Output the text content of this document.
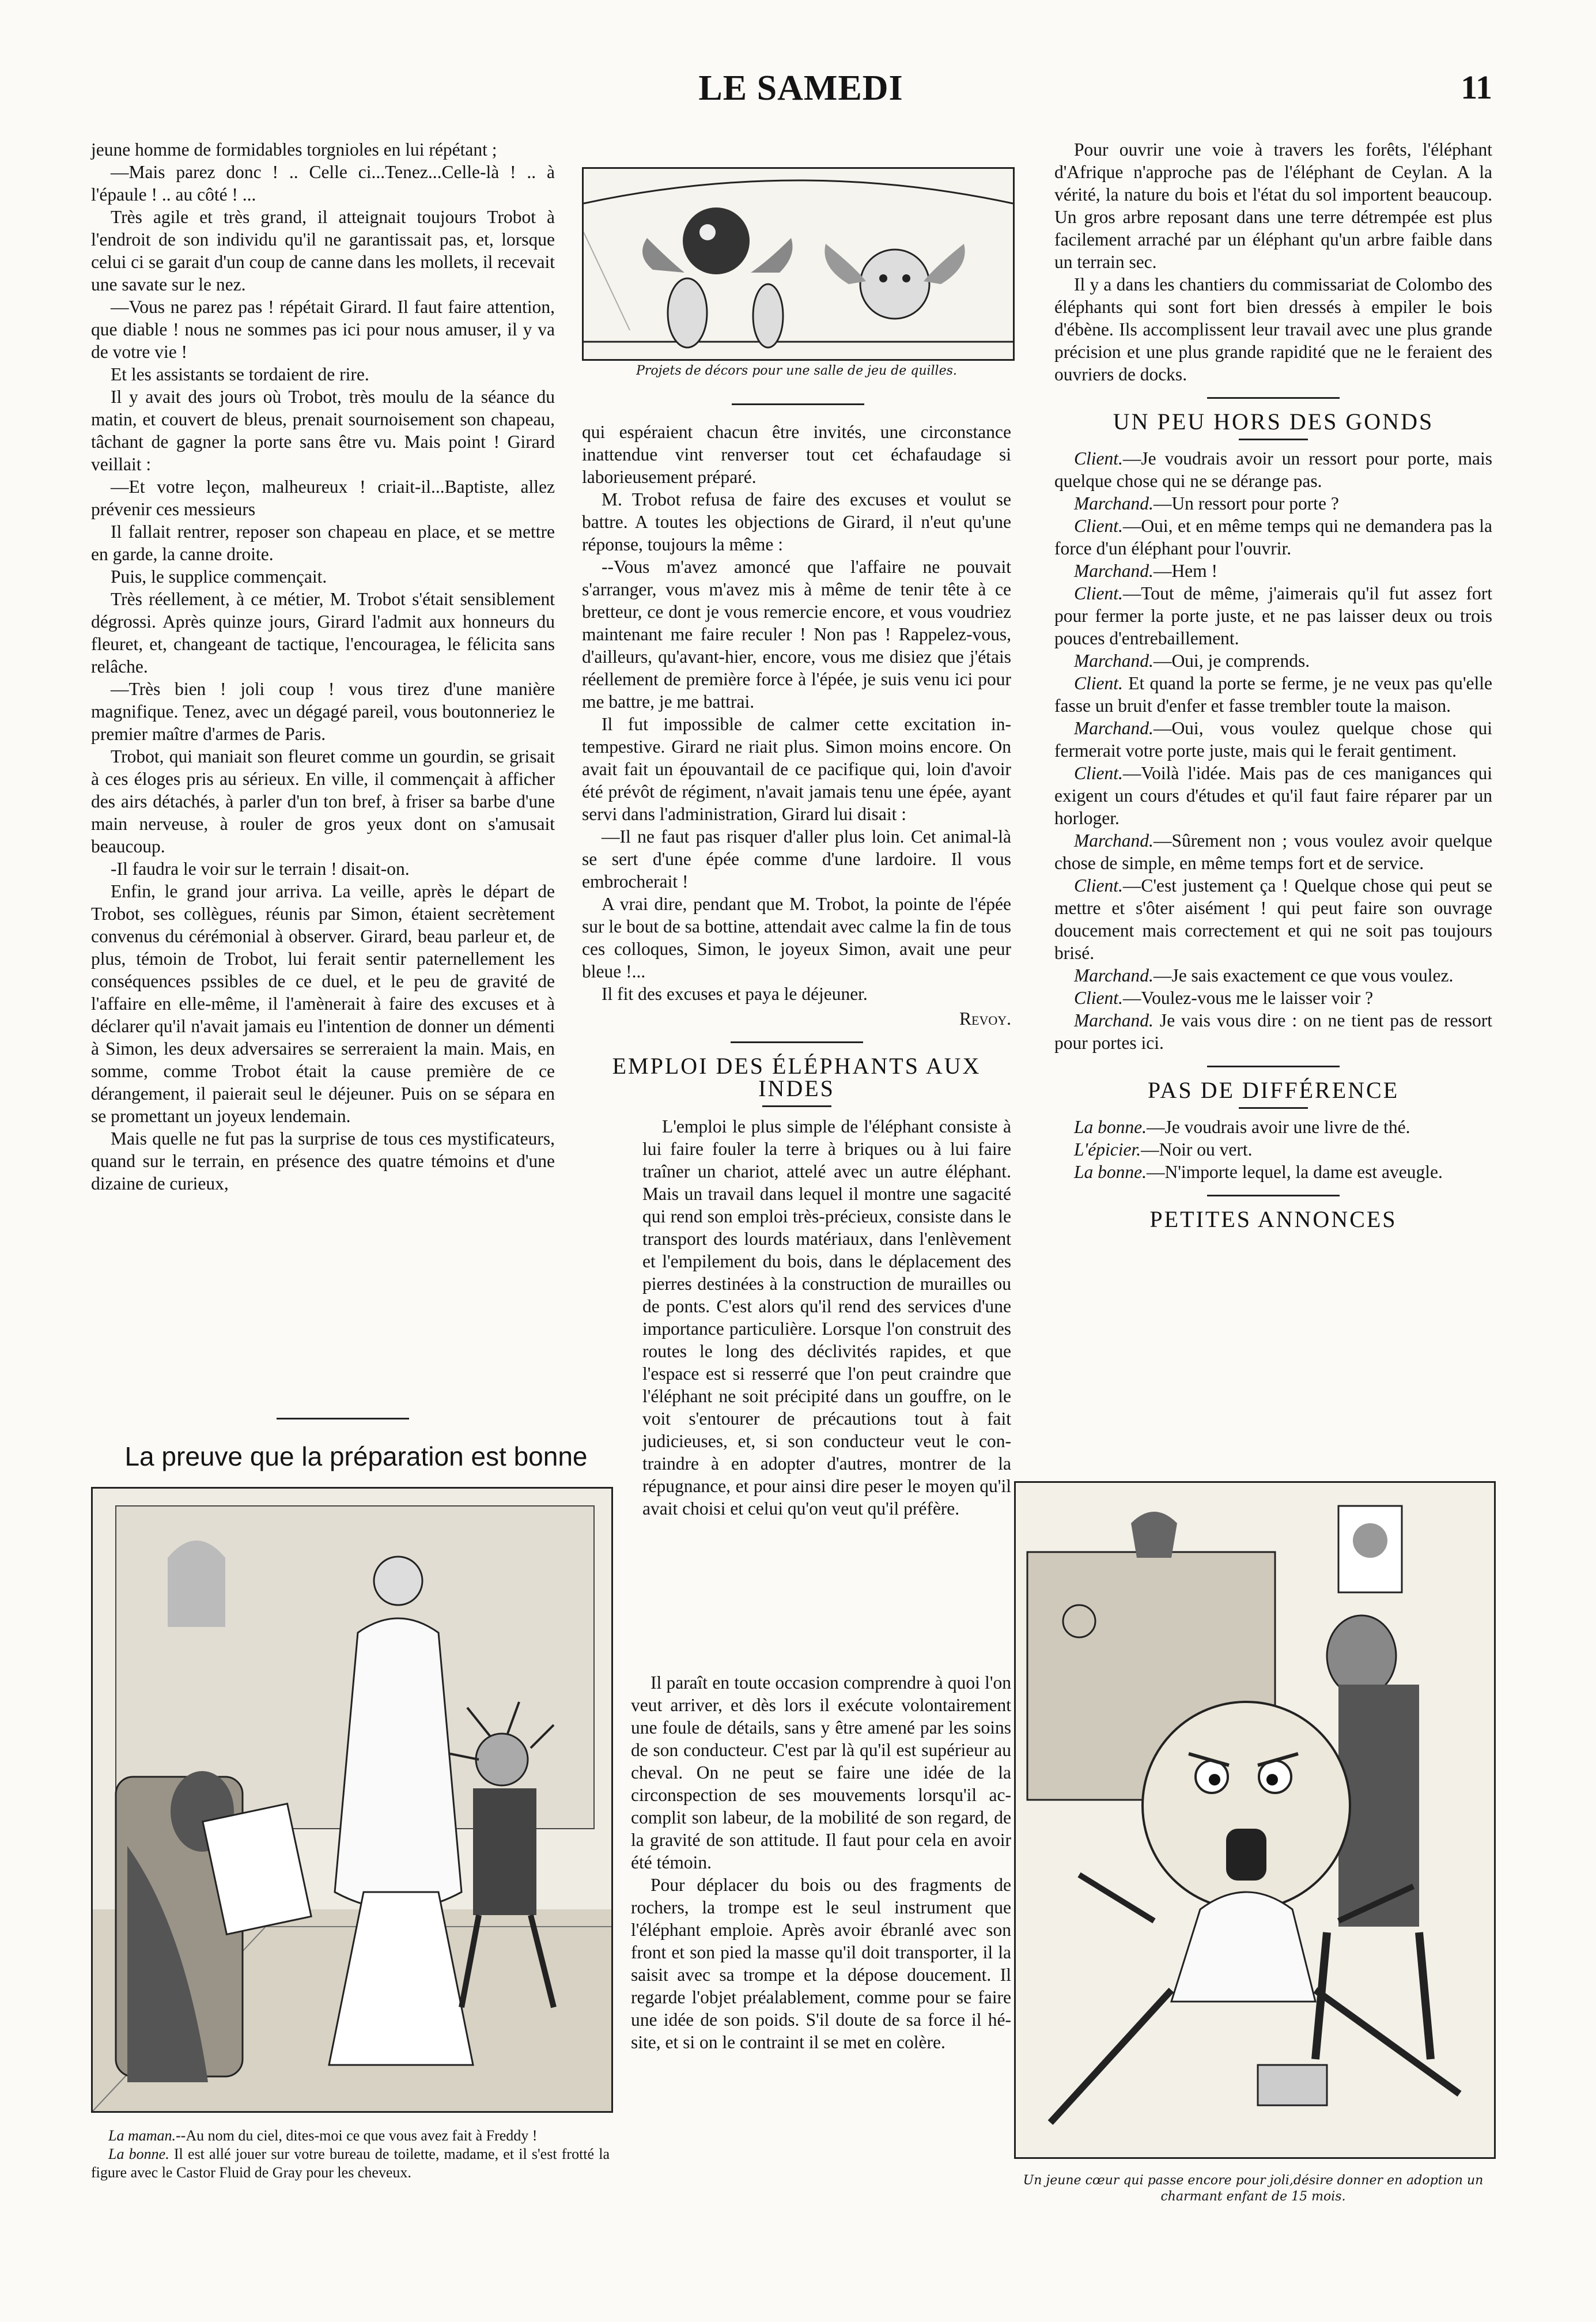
LE SAMEDI	11

jeune homme de formidables torgnioles en lui répétant ;

—Mais parez donc ! .. Celle ci...Tenez...Celle-là ! .. à l'épaule ! .. au côté ! ...

Très agile et très grand, il atteignait toujours Trobot à l'endroit de son individu qu'il ne garantissait pas, et, lorsque celui ci se garait d'un coup de canne dans les mollets, il recevait une savate sur le nez.

—Vous ne parez pas ! répétait Girard. Il faut faire attention, que diable ! nous ne sommes pas ici pour nous amuser, il y va de votre vie !

Et les assistants se tordaient de rire.

Il y avait des jours où Trobot, très moulu de la séance du matin, et couvert de bleus, prenait sournoisement son chapeau, tâchant de gagner la porte sans être vu. Mais point ! Girard veillait :

—Et votre leçon, malheureux ! criait-il...Baptiste, allez prévenir ces messieurs

Il fallait rentrer, reposer son chapeau en place, et se mettre en garde, la canne droite.

Puis, le supplice commençait.

Très réellement, à ce métier, M. Trobot s'était sensiblement dégrossi. Après quinze jours, Girard l'admit aux honneurs du fleuret, et, changeant de tactique, l'encouragea, le félicita sans relâche.

—Très bien ! joli coup ! vous tirez d'une manière magnifique. Tenez, avec un dégagé pareil, vous boutonneriez le premier maître d'armes de Paris.

Trobot, qui maniait son fleuret comme un gourdin, se grisait à ces éloges pris au sérieux. En ville, il commençait à afficher des airs détachés, à parler d'un ton bref, à friser sa barbe d'une main nerveuse, à rouler de gros yeux dont on s'amusait beaucoup.

-Il faudra le voir sur le terrain ! disait-on.

Enfin, le grand jour arriva. La veille, après le départ de Trobot, ses collègues, réunis par Simon, étaient secrètement convenus du cérémonial à observer. Girard, beau parleur et, de plus, témoin de Trobot, lui ferait sentir paternellement les conséquences pssibles de ce duel, et le peu de gravité de l'affaire en elle-même, il l'amènerait à faire des excuses et à déclarer qu'il n'avait jamais eu l'intention de donner un démenti à Simon, les deux adversaires se serreraient la main. Mais, en somme, comme Trobot était la cause première de ce dérangement, il paierait seul le déjeuner. Puis on se sépara en se promettant un joyeux lendemain.

Mais quelle ne fut pas la surprise de tous ces mystificateurs, quand sur le terrain, en présence des quatre témoins et d'une dizaine de curieux,

Projets de décors pour une salle de jeu de quilles.

qui espéraient chacun être invités, une circonstance inattendue vint renverser tout cet échafaudage si laborieusement préparé.

M. Trobot refusa de faire des excuses et voulut se battre. A toutes les objections de Girard, il n'eut qu'une réponse, toujours la même :

--Vous m'avez amoncé que l'affaire ne pouvait s'arranger, vous m'avez mis à même de tenir tête à ce bretteur, ce dont je vous remercie encore, et vous voudriez maintenant me faire reculer ! Non pas ! Rappelez-vous, d'ailleurs, qu'avant-hier, encore, vous me disiez que j'étais réellement de première force à l'épée, je suis venu ici pour me battre, je me battrai.

Il fut impossible de calmer cette excitation intempestive. Girard ne riait plus. Simon moins encore. On avait fait un épouvantail de ce pacifique qui, loin d'avoir été prévôt de régiment, n'avait jamais tenu une épée, ayant servi dans l'administration, Girard lui disait :

—Il ne faut pas risquer d'aller plus loin. Cet animal-là se sert d'une épée comme d'une lardoire. Il vous embrocherait !

A vrai dire, pendant que M. Trobot, la pointe de l'épée sur le bout de sa bottine, attendait avec calme la fin de tous ces colloques, Simon, le joyeux Simon, avait une peur bleue !...

Il fit des excuses et paya le déjeuner.

Revoy.
EMPLOI DES ÉLÉPHANTS AUX INDES

L'emploi le plus simple de l'éléphant consiste à lui faire fouler la terre à briques ou à lui faire traîner un chariot, attelé avec un autre éléphant. Mais un travail dans lequel il montre une sagacité qui rend son emploi très-précieux, consiste dans le transport des lourds matériaux, dans l'enlèvement et l'empilement du bois, dans le déplacement des pierres destinées à la construction de murailles ou de ponts. C'est alors qu'il rend des services d'une importance particulière. Lorsque l'on construit des routes le long des déclivités rapides, et que l'espace est si resserré que l'on peut craindre que l'éléphant ne soit précipité dans un gouffre, on le voit s'entourer de précautions tout à fait judicieuses, et, si son conducteur veut le contraindre à en adopter d'autres, montrer de la répugnance, et pour ainsi dire peser le moyen qu'il avait choisi et celui qu'on veut qu'il préfère.

Il paraît en toute occasion comprendre à quoi l'on veut arriver, et dès lors il exécute volontairement une foule de détails, sans y être amené par les soins de son conducteur. C'est par là qu'il est supérieur au cheval. On ne peut se faire une idée de la circonspection de ses mouvements lorsqu'il accomplit son labeur, de la mobilité de son regard, de la gravité de son attitude. Il faut pour cela en avoir été témoin.

Pour déplacer du bois ou des fragments de rochers, la trompe est le seul instrument que l'éléphant emploie. Après avoir ébranlé avec son front et son pied la masse qu'il doit transporter, il la saisit avec sa trompe et la dépose doucement. Il regarde l'objet préalablement, comme pour se faire une idée de son poids. S'il doute de sa force il hésite, et si on le contraint il se met en colère.

La preuve que la préparation est bonne

La maman.--Au nom du ciel, dites-moi ce que vous avez fait à Freddy !

La bonne. Il est allé jouer sur votre bureau de toilette, madame, et il s'est frotté la figure avec le Castor Fluid de Gray pour les cheveux.

Pour ouvrir une voie à travers les forêts, l'éléphant d'Afrique n'approche pas de l'éléphant de Ceylan. A la vérité, la nature du bois et l'état du sol importent beaucoup. Un gros arbre reposant dans une terre détrempée est plus facilement arraché par un éléphant qu'un arbre faible dans un terrain sec.

Il y a dans les chantiers du commissariat de Colombo des éléphants qui sont fort bien dressés à empiler le bois d'ébène. Ils accomplissent leur travail avec une plus grande précision et une plus grande rapidité que ne le feraient des ouvriers de docks.

UN PEU HORS DES GONDS

Client.—Je voudrais avoir un ressort pour porte, mais quelque chose qui ne se dérange pas.

Marchand.—Un ressort pour porte ?

Client.—Oui, et en même temps qui ne demandera pas la force d'un éléphant pour l'ouvrir.

Marchand.—Hem !

Client.—Tout de même, j'aimerais qu'il fut assez fort pour fermer la porte juste, et ne pas laisser deux ou trois pouces d'entrebaillement.

Marchand.—Oui, je comprends.

Client. Et quand la porte se ferme, je ne veux pas qu'elle fasse un bruit d'enfer et fasse trembler toute la maison.

Marchand.—Oui, vous voulez quelque chose qui fermerait votre porte juste, mais qui le ferait gentiment.

Client.—Voilà l'idée. Mais pas de ces manigances qui exigent un cours d'études et qu'il faut faire réparer par un horloger.

Marchand.—Sûrement non ; vous voulez avoir quelque chose de simple, en même temps fort et de service.

Client.—C'est justement ça ! Quelque chose qui peut se mettre et s'ôter aisément ! qui peut faire son ouvrage doucement mais correctement et qui ne soit pas toujours brisé.

Marchand.—Je sais exactement ce que vous voulez.

Client.—Voulez-vous me le laisser voir ?

Marchand. Je vais vous dire : on ne tient pas de ressort pour portes ici.

PAS DE DIFFÉRENCE

La bonne.—Je voudrais avoir une livre de thé.

L'épicier.—Noir ou vert.

La bonne.—N'importe lequel, la dame est aveugle.

PETITES ANNONCES
Un jeune cœur qui passe encore pour joli,désire donner en adoption un charmant enfant de 15 mois.
